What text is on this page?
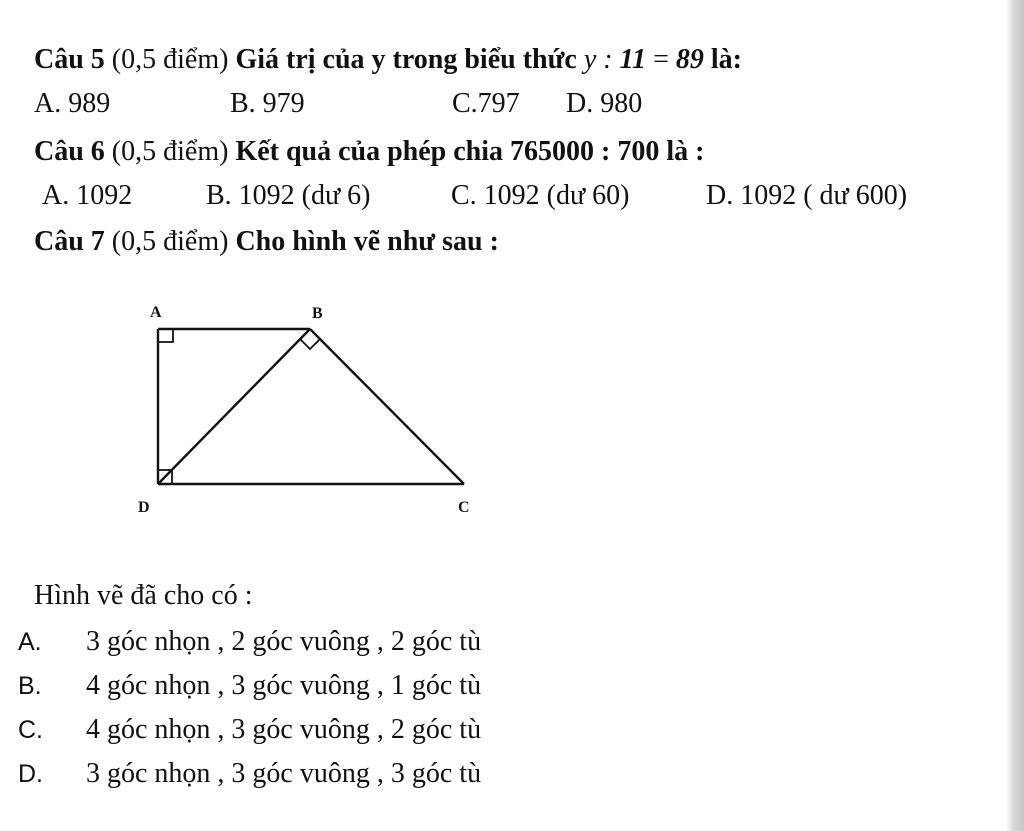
Câu 5 (0,5 điểm) Giá trị của y trong biểu thức y : 11 = 89 là:
A. 989	B. 979	C.797 D. 980
Câu 6 (0,5 điểm) Kết quả của phép chia 765000 : 700 là :
A. 1092	B. 1092 (dư 6)	C. 1092 (dư 60)	D. 1092 ( dư 600)
Câu 7 (0,5 điểm) Cho hình vẽ như sau :
A	B
D	C
Hình vẽ đã cho có :
A. 3 góc nhọn , 2 góc vuông , 2 góc tù
B. 4 góc nhọn , 3 góc vuông , 1 góc tù
C. 4 góc nhọn , 3 góc vuông , 2 góc tù
D. 3 góc nhọn , 3 góc vuông , 3 góc tù
